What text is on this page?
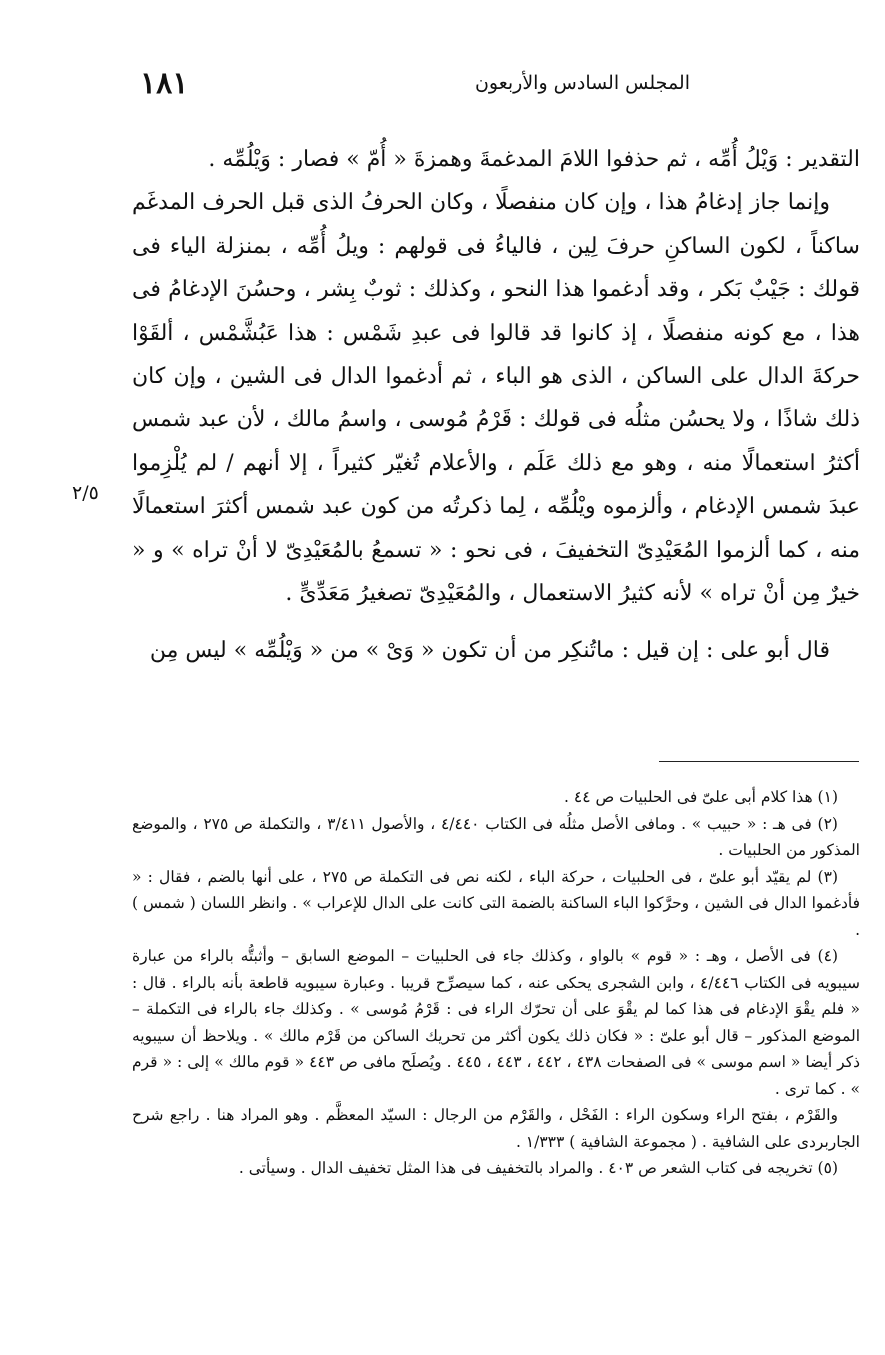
المجلس السادس والأربعون
١٨١

التقدير : وَيْلُ أُمِّه ، ثم حذفوا اللامَ المدغمةَ وهمزةَ « أُمّ » فصار : وَيْلُمِّه .

وإنما جاز إدغامُ هذا ، وإن كان منفصلًا ، وكان الحرفُ الذى قبل الحرف المدغَم ساكناً ، لكون الساكنِ حرفَ لِين ، فالياءُ فى قولهم : ويلُ أُمِّه ، بمنزلة الياء فى قولك : جَيْبٌ بَكر ، وقد أدغموا هذا النحو ، وكذلك : ثوبٌ بِشر ، وحسُنَ الإدغامُ فى هذا ، مع كونه منفصلًا ، إذ كانوا قد قالوا فى عبدِ شَمْس : هذا عَبُشَّمْس ، ألقَوْا حركةَ الدال على الساكن ، الذى هو الباء ، ثم أدغموا الدال فى الشين ، وإن كان ذلك شاذًا ، ولا يحسُن مثلُه فى قولك : قَرْمُ مُوسى ، واسمُ مالك ، لأن عبد شمس أكثرُ استعمالًا منه ، وهو مع ذلك عَلَم ، والأعلام تُغيّر كثيراً ، إلا أنهم / لم يُلْزِموا عبدَ شمس الإدغام ، وألزموه ويْلُمِّه ، لِما ذكرتُه من كون عبد شمس أكثرَ استعمالًا منه ، كما ألزموا المُعَيْدِىّ التخفيفَ ، فى نحو : « تسمعُ بالمُعَيْدِىّ لا أنْ تراه » و « خيرٌ مِن أنْ تراه » لأنه كثيرُ الاستعمال ، والمُعَيْدِىّ تصغيرُ مَعَدِّىٍّ .

قال أبو على : إن قيل : ماتُنكِر من أن تكون « وَىْ » من « وَيْلُمِّه » ليس مِن

٢/٥

(١) هذا كلام أبى علىّ فى الحلبيات ص ٤٤ .

(٢) فى هـ : « حبيب » . ومافى الأصل مثلُه فى الكتاب ٤/٤٤٠ ، والأصول ٣/٤١١ ، والتكملة ص ٢٧٥ ، والموضع المذكور من الحلبيات .

(٣) لم يقيّد أبو علىّ ، فى الحلبيات ، حركة الباء ، لكنه نص فى التكملة ص ٢٧٥ ، على أنها بالضم ، فقال : « فأدغموا الدال فى الشين ، وحرَّكوا الباء الساكنة بالضمة التى كانت على الدال للإعراب » . وانظر اللسان ( شمس ) .

(٤) فى الأصل ، وهـ : « قوم » بالواو ، وكذلك جاء فى الحلبيات – الموضع السابق – وأثبتُّه بالراء من عبارة سيبويه فى الكتاب ٤/٤٤٦ ، وابن الشجرى يحكى عنه ، كما سيصرِّح قريبا . وعبارة سيبويه قاطعة بأنه بالراء . قال : « فلم يقْوَ الإدغام فى هذا كما لم يقْوَ على أن تحرّك الراء فى : قَرْمُ مُوسى » . وكذلك جاء بالراء فى التكملة – الموضع المذكور – قال أبو علىّ : « فكان ذلك يكون أكثر من تحريك الساكن من قَرْم مالك » . ويلاحظ أن سيبويه ذكر أيضا « اسم موسى » فى الصفحات ٤٣٨ ، ٤٤٢ ، ٤٤٣ ، ٤٤٥ . ويُصلَح مافى ص ٤٤٣ « قوم مالك » إلى : « قرم » . كما ترى .

والقَرْم ، بفتح الراء وسكون الراء : الفَحْل ، والقَرْم من الرجال : السيّد المعظَّم . وهو المراد هنا . راجع شرح الجاربردى على الشافية . ( مجموعة الشافية ) ١/٣٣٣ .

(٥) تخريجه فى كتاب الشعر ص ٤٠٣ . والمراد بالتخفيف فى هذا المثل تخفيف الدال . وسيأتى .
